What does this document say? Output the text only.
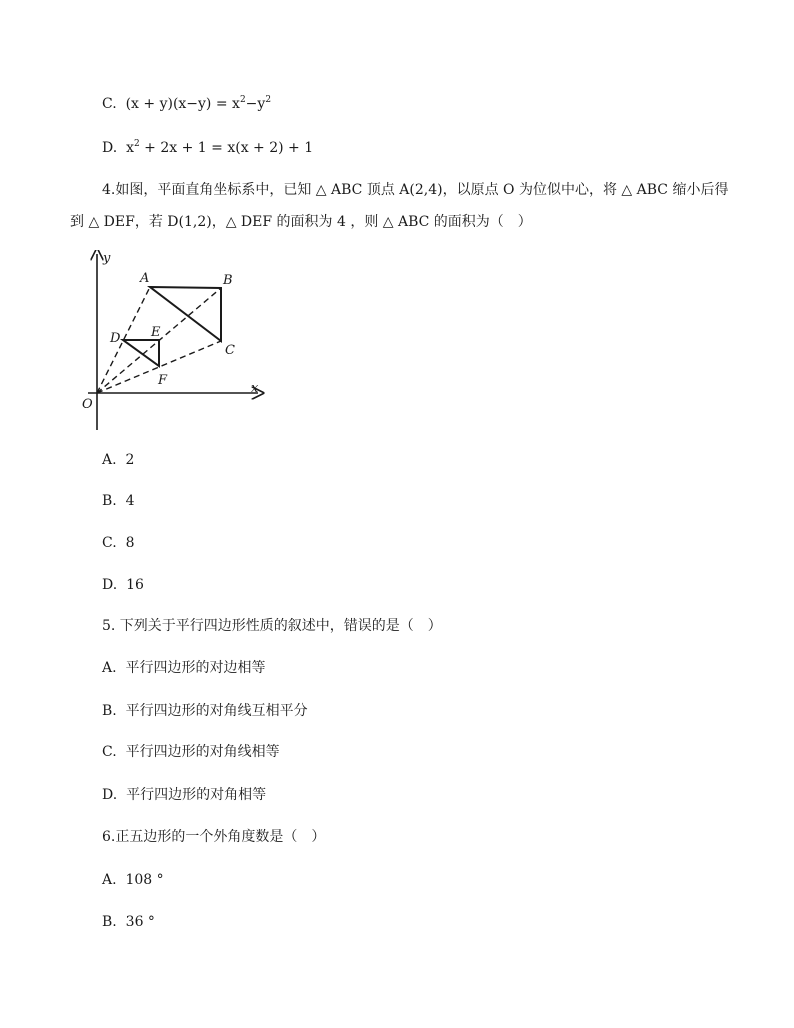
C. $(x + y)(x-y) = x^2-y^2$
D. $x^2 + 2x + 1 = x(x + 2) + 1$
4.如图，平面直角坐标系中，已知 △ ABC 顶点 A(2,4)，以原点 O 为位似中心，将 △ ABC 缩小后得到 △ DEF，若 D(1,2)，△ DEF 的面积为 4 ，则 △ ABC 的面积为（　）
y
x
O
A	B
C
D E
F
A. 2
B. 4
C. 8
D. 16
5. 下列关于平行四边形性质的叙述中，错误的是（　）
A. 平行四边形的对边相等
B. 平行四边形的对角线互相平分
C. 平行四边形的对角线相等
D. 平行四边形的对角相等
6.正五边形的一个外角度数是（　）
A. 108 °
B. 36 °
